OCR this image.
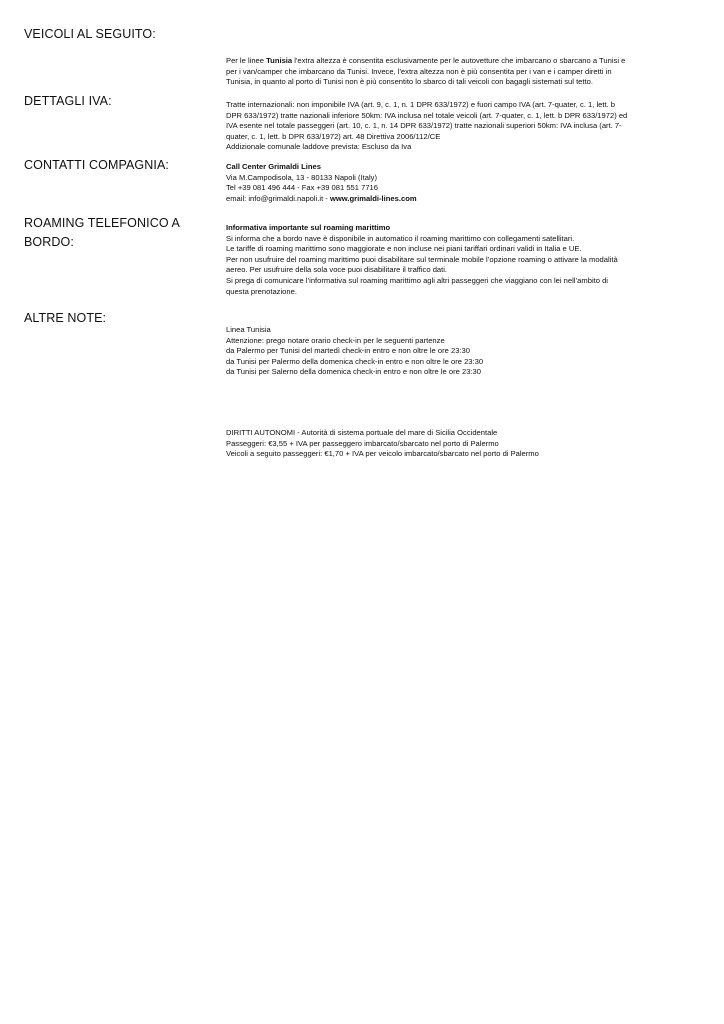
VEICOLI AL SEGUITO:

Per le linee Tunisia l'extra altezza è consentita esclusivamente per le autovetture che imbarcano o sbarcano a Tunisi e

per i van/camper che imbarcano da Tunisi. Invece, l'extra altezza non è più consentita per i van e i camper diretti in

Tunisia, in quanto al porto di Tunisi non è più consentito lo sbarco di tali veicoli con bagagli sistemati sul tetto.

DETTAGLI IVA:	Tratte internazionali: non imponibile IVA (art. 9, c. 1, n. 1 DPR 633/1972) e fuori campo IVA (art. 7-quater, c. 1, lett. b

DPR 633/1972) tratte nazionali inferiore 50km: IVA inclusa nel totale veicoli (art. 7-quater, c. 1, lett. b DPR 633/1972) ed

IVA esente nel totale passeggeri (art. 10, c. 1, n. 14 DPR 633/1972) tratte nazionali superiori 50km: IVA inclusa (art. 7-

quater, c. 1, lett. b DPR 633/1972) art. 48 Direttiva 2006/112/CE

Addizionale comunale laddove prevista: Escluso da Iva

CONTATTI COMPAGNIA:	Call Center Grimaldi Lines

Via M.Campodisola, 13 - 80133 Napoli (Italy)

Tel +39 081 496 444 - Fax +39 081 551 7716

email: info@grimaldi.napoli.it - www.grimaldi-lines.com

ROAMING TELEFONICO A BORDO:

Informativa importante sul roaming marittimo

Si informa che a bordo nave è disponibile in automatico il roaming marittimo con collegamenti satellitari.

Le tariffe di roaming marittimo sono maggiorate e non incluse nei piani tariffari ordinari validi in Italia e UE.

Per non usufruire del roaming marittimo puoi disabilitare sul terminale mobile l’opzione roaming o attivare la modalità

aereo. Per usufruire della sola voce puoi disabilitare il traffico dati.

Si prega di comunicare l’informativa sul roaming marittimo agli altri passeggeri che viaggiano con lei nell’ambito di

questa prenotazione.

ALTRE NOTE:

Linea Tunisia

Attenzione: prego notare orario check-in per le seguenti partenze

da Palermo per Tunisi del martedì check-in entro e non oltre le ore 23:30

da Tunisi per Palermo della domenica check-in entro e non oltre le ore 23:30

da Tunisi per Salerno della domenica check-in entro e non oltre le ore 23:30

DIRITTI AUTONOMI - Autorità di sistema portuale del mare di Sicilia Occidentale

Passeggeri: €3,55 + IVA per passeggero imbarcato/sbarcato nel porto di Palermo

Veicoli a seguito passeggeri: €1,70 + IVA per veicolo imbarcato/sbarcato nel porto di Palermo
